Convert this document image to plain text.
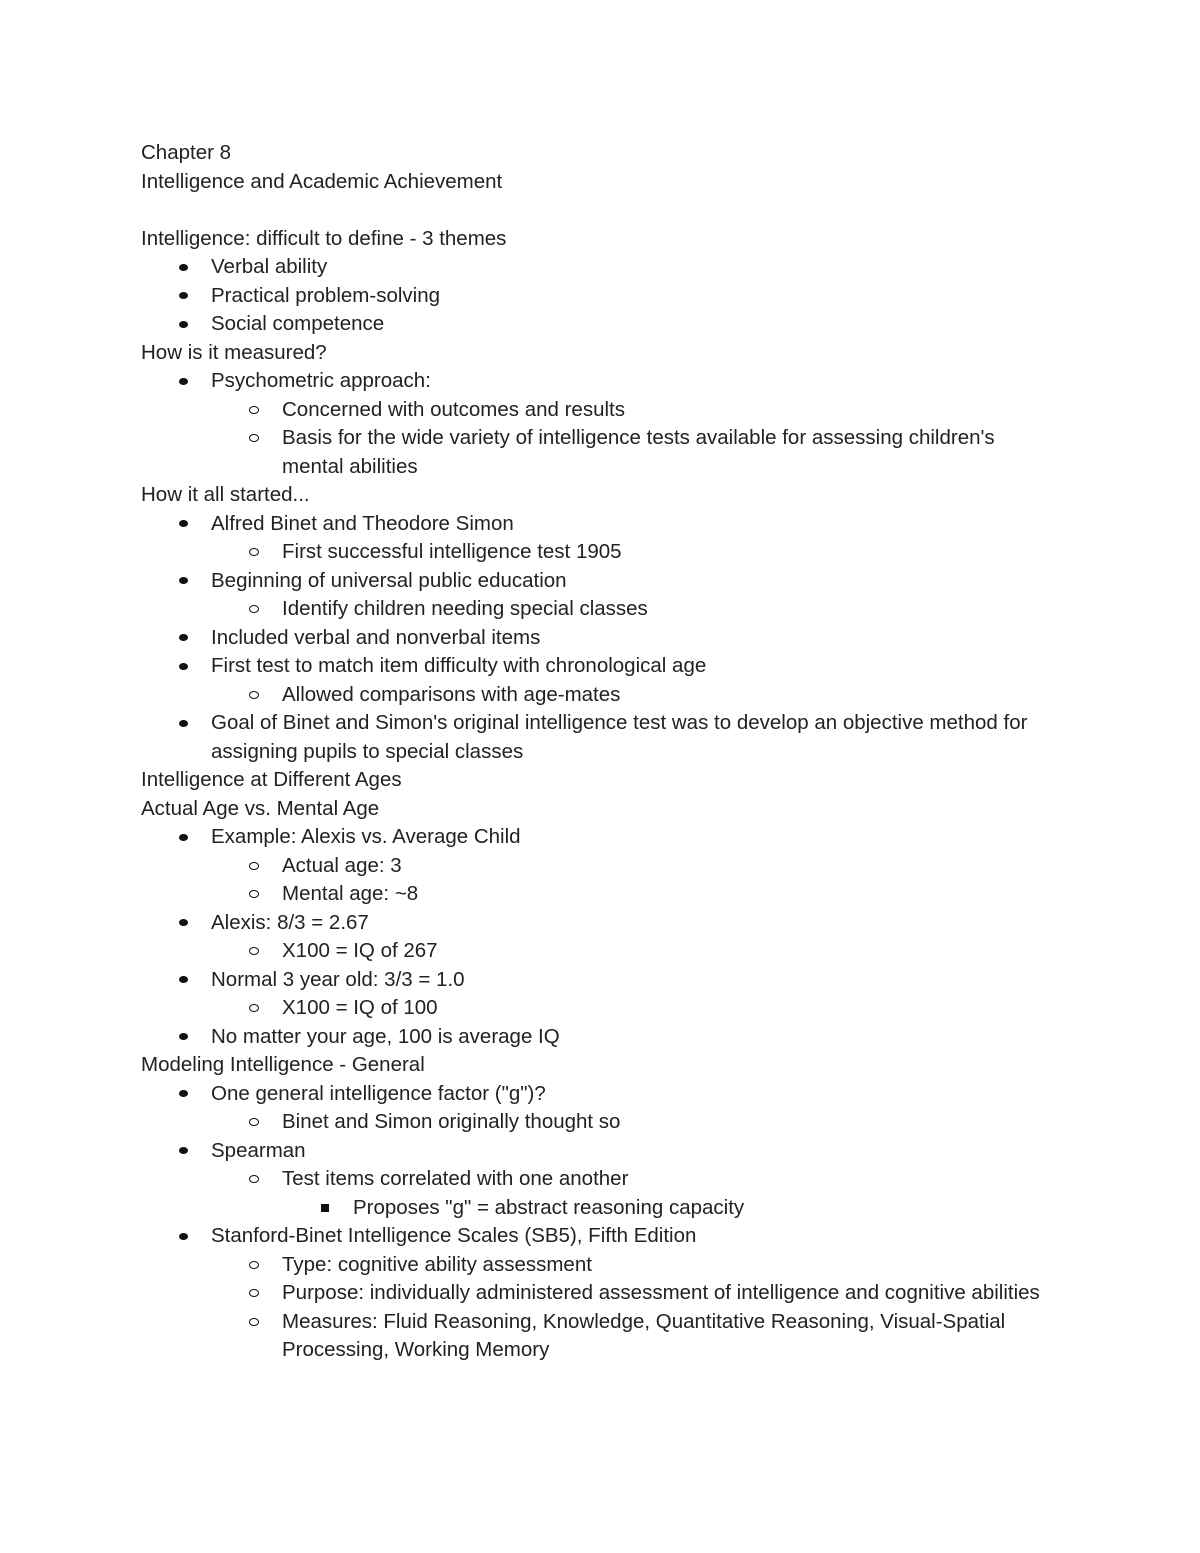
Chapter 8

Intelligence and Academic Achievement

Intelligence: difficult to define - 3 themes

Verbal ability

Practical problem-solving

Social competence

How is it measured?

Psychometric approach:

Concerned with outcomes and results

Basis for the wide variety of intelligence tests available for assessing children's mental abilities

How it all started...

Alfred Binet and Theodore Simon

First successful intelligence test 1905

Beginning of universal public education

Identify children needing special classes

Included verbal and nonverbal items

First test to match item difficulty with chronological age

Allowed comparisons with age-mates

Goal of Binet and Simon's original intelligence test was to develop an objective method for assigning pupils to special classes

Intelligence at Different Ages

Actual Age vs. Mental Age

Example: Alexis vs. Average Child

Actual age: 3

Mental age: ~8

Alexis: 8/3 = 2.67

X100 = IQ of 267

Normal 3 year old: 3/3 = 1.0

X100 = IQ of 100

No matter your age, 100 is average IQ

Modeling Intelligence - General

One general intelligence factor ("g")?

Binet and Simon originally thought so

Spearman

Test items correlated with one another

Proposes "g" = abstract reasoning capacity

Stanford-Binet Intelligence Scales (SB5), Fifth Edition

Type: cognitive ability assessment

Purpose: individually administered assessment of intelligence and cognitive abilities

Measures: Fluid Reasoning, Knowledge, Quantitative Reasoning, Visual-Spatial Processing, Working Memory
